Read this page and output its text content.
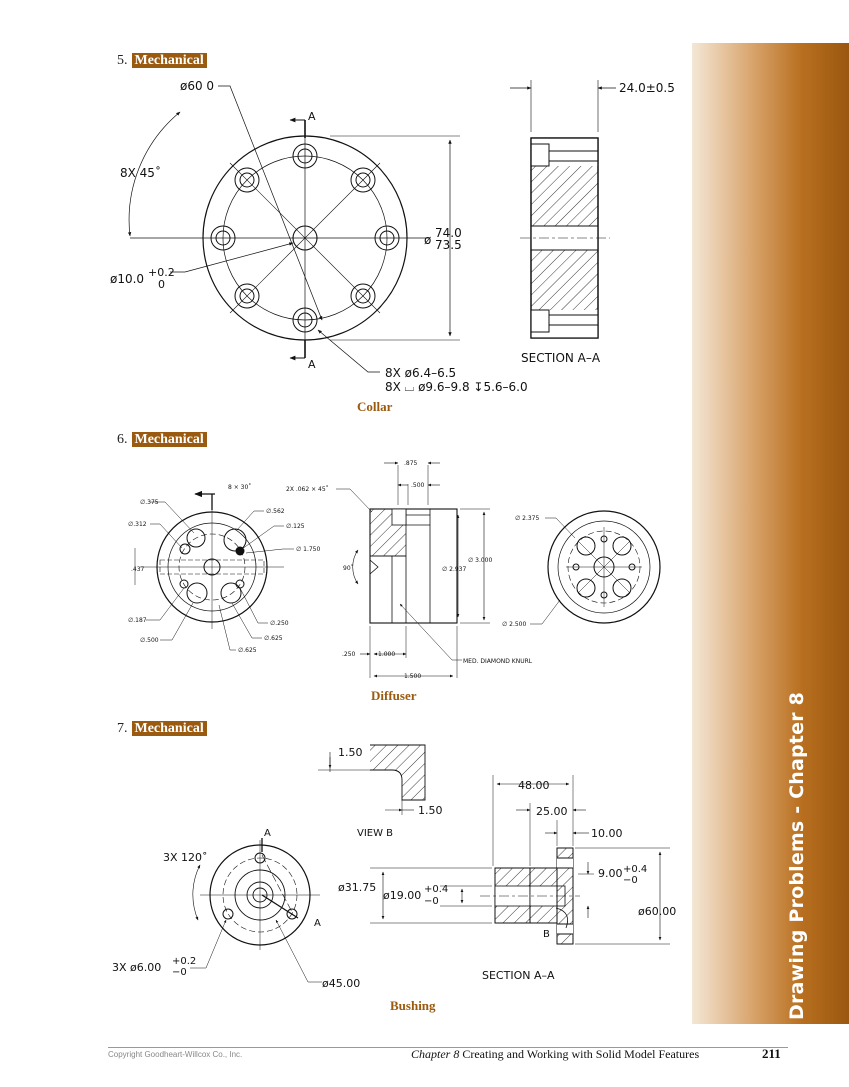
Drawing Problems - Chapter 8
5. Mechanical
6. Mechanical
7. Mechanical
Collar
Diffuser
Bushing
ø60 0
8X 45˚
ø10.0 +0.2
0
ø 74.0
73.5
8X ø6.4–6.5
8X ⌴ ø9.6–9.8 ↧5.6–6.0
A
A
24.0±0.5
SECTION A–A
∅.375
∅.312
.437
∅.187
∅.500
8 × 30˚
∅.562
∅.125
∅ 1.750
∅.250
∅.625
∅.625
2X .062 × 45˚
.875
.500
90˚
∅ 3.000
∅ 2.937
.250	1.000
1.500
MED. DIAMOND KNURL
∅ 2.375
∅ 2.500
1.50
1.50
VIEW B
48.00
25.00
10.00
3X 120˚
A
A
B
ø31.75
ø19.00 +0.4
−0
9.00 +0.4
−0
ø60.00
3X ø6.00 +0.2
−0
ø45.00
SECTION A–A
Copyright Goodheart-Willcox Co., Inc.	Chapter 8 Creating and Working with Solid Model Features	211
